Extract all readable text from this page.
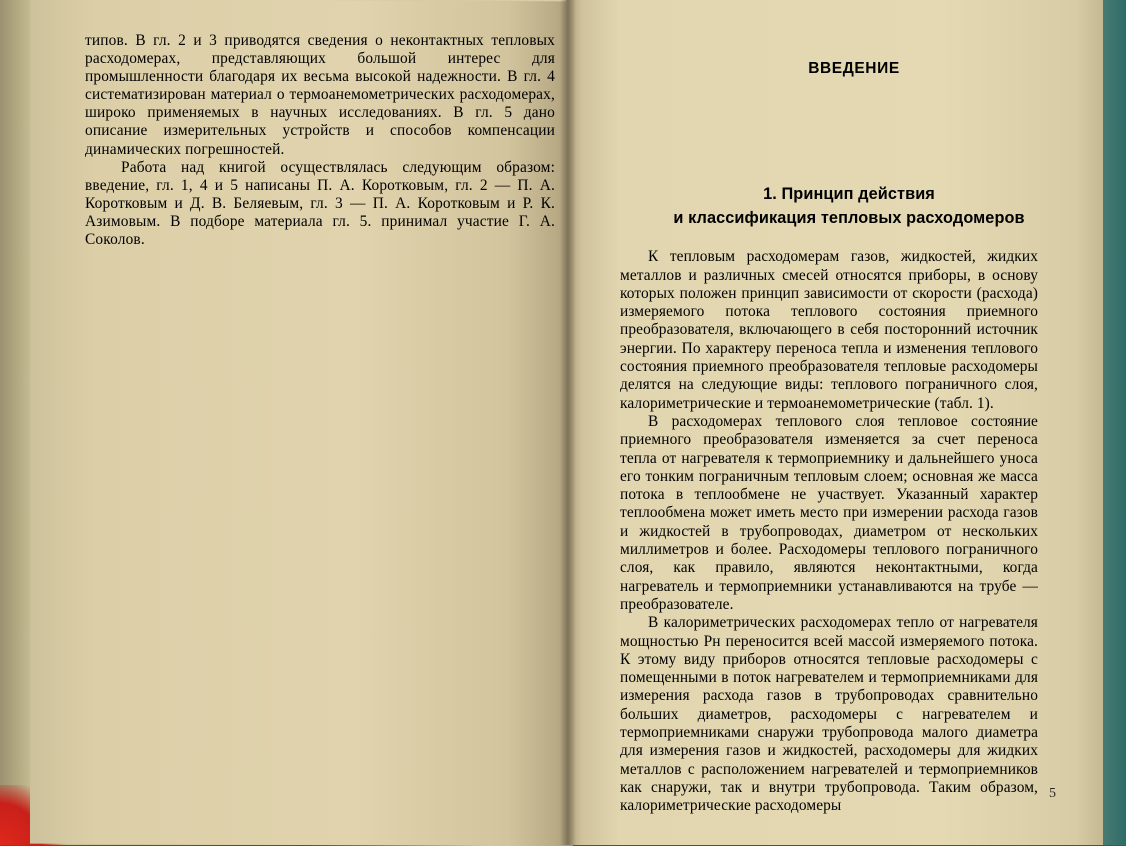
типов. В гл. 2 и 3 приводятся сведения о неконтактных тепловых расходомерах, представляющих большой интерес для промышленности благодаря их весьма высокой надежности. В гл. 4 систематизирован материал о термоанемометрических расходомерах, широко применяемых в научных исследованиях. В гл. 5 дано описание измерительных устройств и способов компенсации динамических погрешностей.

Работа над книгой осуществлялась следующим образом: введение, гл. 1, 4 и 5 написаны П. А. Коротковым, гл. 2 — П. А. Коротковым и Д. В. Беляевым, гл. 3 — П. А. Коротковым и Р. К. Азимовым. В подборе материала гл. 5. принимал участие Г. А. Соколов.

ВВЕДЕНИЕ
1. Принцип действия
и классификация тепловых расходомеров

К тепловым расходомерам газов, жидкостей, жидких металлов и различных смесей относятся приборы, в основу которых положен принцип зависимости от скорости (расхода) измеряемого потока теплового состояния приемного преобразователя, включающего в себя посторонний источник энергии. По характеру переноса тепла и изменения теплового состояния приемного преобразователя тепловые расходомеры делятся на следующие виды: теплового пограничного слоя, калориметрические и термоанемометрические (табл. 1).

В расходомерах теплового слоя тепловое состояние приемного преобразователя изменяется за счет переноса тепла от нагревателя к термоприемнику и дальнейшего уноса его тонким пограничным тепловым слоем; основная же масса потока в теплообмене не участвует. Указанный характер теплообмена может иметь место при измерении расхода газов и жидкостей в трубопроводах, диаметром от нескольких миллиметров и более. Расходомеры теплового пограничного слоя, как правило, являются неконтактными, когда нагреватель и термоприемники устанавливаются на трубе — преобразователе.

В калориметрических расходомерах тепло от нагревателя мощностью Pн переносится всей массой измеряемого потока. К этому виду приборов относятся тепловые расходомеры с помещенными в поток нагревателем и термоприемниками для измерения расхода газов в трубопроводах сравнительно больших диаметров, расходомеры с нагревателем и термоприемниками снаружи трубопровода малого диаметра для измерения газов и жидкостей, расходомеры для жидких металлов с расположением нагревателей и термоприемников как снаружи, так и внутри трубопровода. Таким образом, калориметрические расходомеры

5
